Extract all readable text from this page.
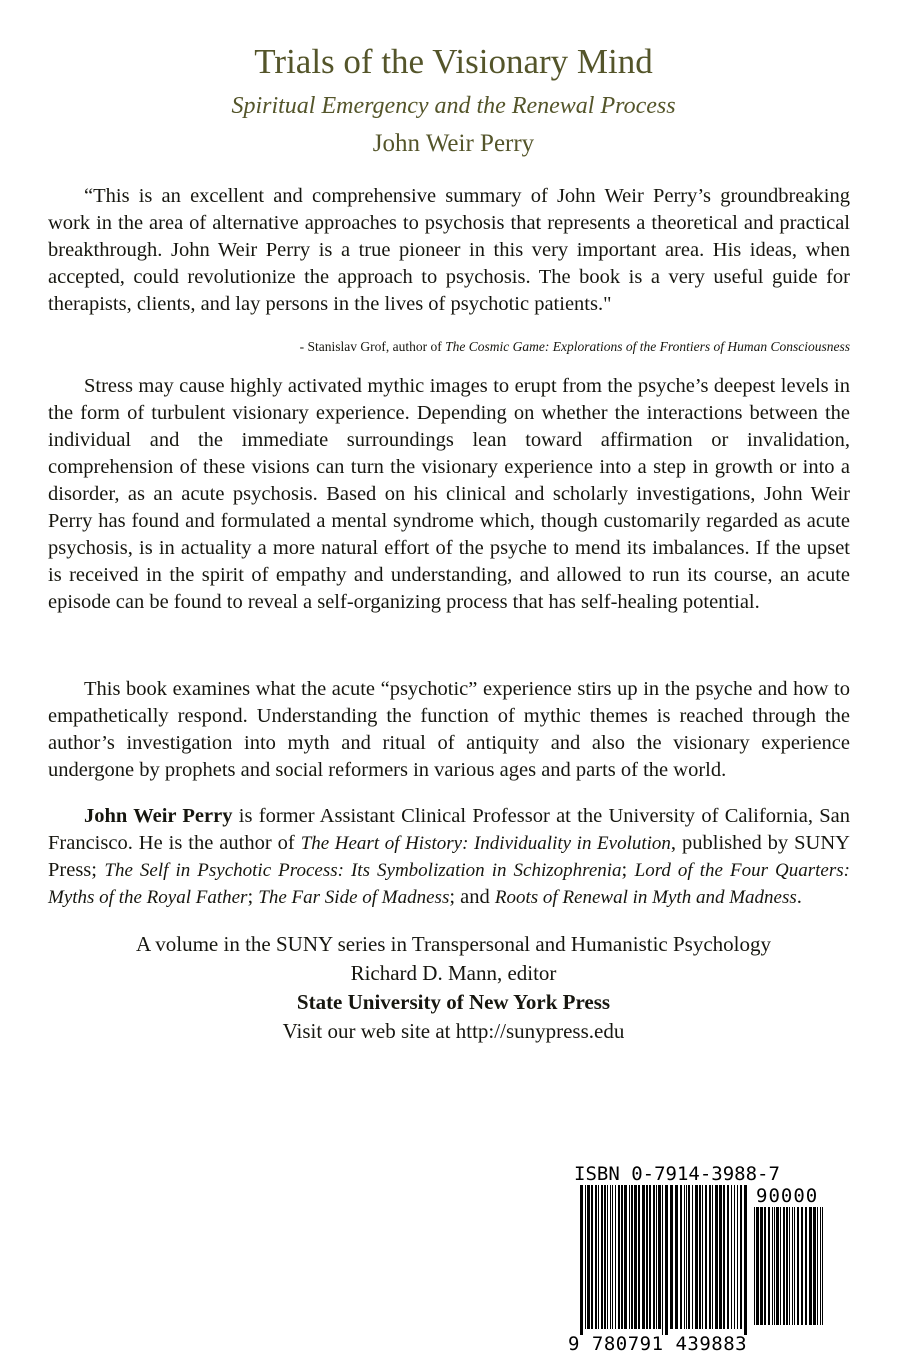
Trials of the Visionary Mind
Spiritual Emergency and the Renewal Process
John Weir Perry

“This is an excellent and comprehensive summary of John Weir Perry’s groundbreaking work in the area of alternative approaches to psychosis that represents a theoretical and practical breakthrough. John Weir Perry is a true pioneer in this very important area. His ideas, when accepted, could revolutionize the approach to psychosis. The book is a very useful guide for therapists, clients, and lay persons in the lives of psychotic patients."

- Stanislav Grof, author of The Cosmic Game: Explorations of the Frontiers of Human Consciousness

Stress may cause highly activated mythic images to erupt from the psyche’s deepest levels in the form of turbulent visionary experience. Depending on whether the interactions between the individual and the immediate surroundings lean toward affirmation or invalidation, comprehension of these visions can turn the visionary experience into a step in growth or into a disorder, as an acute psychosis. Based on his clinical and scholarly investigations, John Weir Perry has found and formulated a mental syndrome which, though customarily regarded as acute psychosis, is in actuality a more natural effort of the psyche to mend its imbalances. If the upset is received in the spirit of empathy and understanding, and allowed to run its course, an acute episode can be found to reveal a self-organizing process that has self-healing potential.

This book examines what the acute “psychotic” experience stirs up in the psyche and how to empathetically respond. Understanding the function of mythic themes is reached through the author’s investigation into myth and ritual of antiquity and also the visionary experience undergone by prophets and social reformers in various ages and parts of the world.

John Weir Perry is former Assistant Clinical Professor at the University of California, San Francisco. He is the author of The Heart of History: Individuality in Evolution, published by SUNY Press; The Self in Psychotic Process: Its Symbolization in Schizophrenia; Lord of the Four Quarters: Myths of the Royal Father; The Far Side of Madness; and Roots of Renewal in Myth and Madness.

A volume in the SUNY series in Transpersonal and Humanistic Psychology
Richard D. Mann, editor
State University of New York Press
Visit our web site at http://sunypress.edu
ISBN 0-7914-3988-7
90000
9 780791 439883
